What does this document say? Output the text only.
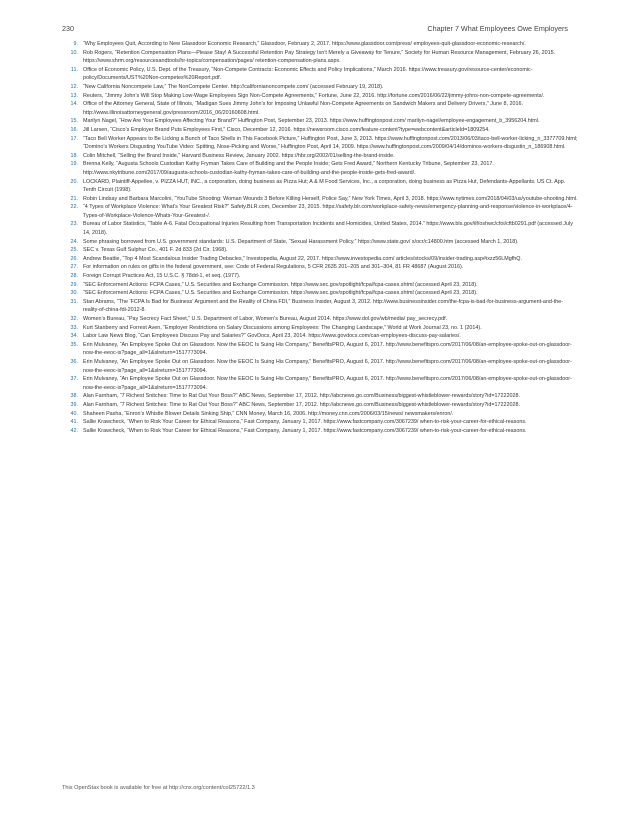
230	Chapter 7 What Employees Owe Employers
9. “Why Employees Quit, According to New Glassdoor Economic Research,” Glassdoor, February 2, 2017. https://www.glassdoor.com/press/ employees-quit-glassdoor-economic-research/.
10. Rob Rogers, “Retention Compensation Plans—Please Stay! A Successful Retention Pay Strategy Isn’t Merely a Giveaway for Tenure,” Society for Human Resource Management, February 26, 2015. https://www.shrm.org/resourcesandtools/hr-topics/compensation/pages/ retention-compensation-plans.aspx.
11. Office of Economic Policy, U.S. Dept. of the Treasury, “Non-Compete Contracts: Economic Effects and Policy Implications,” March 2016. https://www.treasury.gov/resource-center/economic-policy/Documents/UST%20Non-competes%20Report.pdf.
12. “New California Noncompete Law,” The NonCompete Center. http://californianoncompete.com/ (accessed February 19, 2018).
13. Reuters, “Jimmy John’s Will Stop Making Low-Wage Employees Sign Non-Compete Agreements,” Fortune, June 22, 2016. http://fortune.com/2016/06/22/jimmy-johns-non-compete-agreements/.
14. Office of the Attorney General, State of Illinois, “Madigan Sues Jimmy John’s for Imposing Unlawful Non-Compete Agreements on Sandwich Makers and Delivery Drivers,” June 8, 2016. http://www.illinoisattorneygeneral.gov/pressroom/2016_06/20160608.html.
15. Marilyn Nagel, “How Are Your Employees Affecting Your Brand?” Huffington Post, September 23, 2013. https://www.huffingtonpost.com/ marilyn-nagel/employee-engagement_b_3956204.html.
16. Jill Larsen, “Cisco’s Employer Brand Puts Employees First,” Cisco, December 12, 2016. https://newsroom.cisco.com/feature-content?type=webcontent&articleId=1809254.
17. “Taco Bell Worker Appears to Be Licking a Bunch of Taco Shells in This Facebook Picture,” Huffington Post, June 3, 2013. https://www.huffingtonpost.com/2013/06/03/taco-bell-worker-licking_n_3377709.html; “Domino’s Workers Disgusting YouTube Video: Spitting, Nose-Picking and Worse,” Huffington Post, April 14, 2009. https://www.huffingtonpost.com/2009/04/14/dominos-workers-disgustin_n_186908.html.
18. Colin Mitchell, “Selling the Brand Inside,” Harvard Business Review, January 2002. https://hbr.org/2002/01/selling-the-brand-inside.
19. Brenna Kelly, “Augusta Schools Custodian Kathy Fryman Takes Care of Building and the People Inside; Gets Fred Award,” Northern Kentucky Tribune, September 23, 2017. http://www.nkytribune.com/2017/09/augusta-schools-custodian-kathy-fryman-takes-care-of-building-and-the-people-inside-gets-fred-award/.
20. LOCKARD, Plaintiff-Appellee, v. PIZZA HUT, INC., a corporation, doing business as Pizza Hut; A & M Food Services, Inc., a corporation, doing business as Pizza Hut, Defendants-Appellants. US Ct. App. Tenth Circuit (1998).
21. Robin Lindsay and Barbara Marcolini, “YouTube Shooting: Woman Wounds 3 Before Killing Herself, Police Say,” New York Times, April 3, 2018. https://www.nytimes.com/2018/04/03/us/youtube-shooting.html.
22. “4 Types of Workplace Violence: What’s Your Greatest Risk?” Safety.BLR.com, December 23, 2015. https://safety.blr.com/workplace-safety-news/emergency-planning-and-response/violence-in-workplace/4-Types-of-Workplace-Violence-Whats-Your-Greatest-/.
23. Bureau of Labor Statistics, “Table A-6. Fatal Occupational Injuries Resulting from Transportation Incidents and Homicides, United States, 2014.” https://www.bls.gov/iif/oshwc/cfoi/cftb0291.pdf (accessed July 14, 2018).
24. Some phrasing borrowed from U.S. government standards: U.S. Department of State, “Sexual Harassment Policy.” https://www.state.gov/ s/ocr/c14800.htm (accessed March 1, 2018).
25. SEC v. Texas Gulf Sulphur Co., 401 F. 2d 833 (2d Cir. 1968).
26. Andrew Beattie, “Top 4 Most Scandalous Insider Trading Debacles,” Investopedia, August 22, 2017. https://www.investopedia.com/ articles/stocks/09/insider-trading.asp#ixzz56LMgfhQ.
27. For information on rules on gifts in the federal government, see: Code of Federal Regulations, 5 CFR 2635 201–205 and 301–304, 81 FR 48687 (August 2016).
28. Foreign Corrupt Practices Act, 15 U.S.C. § 78dd-1, et seq. (1977).
29. “SEC Enforcement Actions: FCPA Cases,” U.S. Securities and Exchange Commission. https://www.sec.gov/spotlight/fcpa/fcpa-cases.shtml (accessed April 23, 2018).
30. “SEC Enforcement Actions: FCPA Cases,” U.S. Securities and Exchange Commission. https://www.sec.gov/spotlight/fcpa/fcpa-cases.shtml (accessed April 23, 2018).
31. Stan Abrams, “The ‘FCPA Is Bad for Business’ Argument and the Reality of China FDI,” Business Insider, August 3, 2012. http://www.businessinsider.com/the-fcpa-is-bad-for-business-argument-and-the-reality-of-china-fdi-2012-8.
32. Women’s Bureau, “Pay Secrecy Fact Sheet,” U.S. Department of Labor, Women’s Bureau, August 2014. https://www.dol.gov/wb/media/ pay_secrecy.pdf.
33. Kurt Stanberry and Forrest Aven, “Employer Restrictions on Salary Discussions among Employees: The Changing Landscape,” World at Work Journal 23, no. 1 (2014).
34. Labor Law News Blog, “Can Employees Discuss Pay and Salaries?” GovDocs, April 23, 2014. https://www.govdocs.com/can-employees-discuss-pay-salaries/.
35. Erin Mulvaney, “An Employee Spoke Out on Glassdoor. Now the EEOC Is Suing His Company,” BenefitsPRO, August 6, 2017. http://www.benefitspro.com/2017/06/08/an-employee-spoke-out-on-glassdoor-now-the-eeoc-is?page_all=1&slreturn=1517773094.
36. Erin Mulvaney, “An Employee Spoke Out on Glassdoor. Now the EEOC Is Suing His Company,” BenefitsPRO, August 6, 2017. http://www.benefitspro.com/2017/06/08/an-employee-spoke-out-on-glassdoor-now-the-eeoc-is?page_all=1&slreturn=1517773094.
37. Erin Mulvaney, “An Employee Spoke Out on Glassdoor. Now the EEOC Is Suing His Company,” BenefitsPRO, August 6, 2017. http://www.benefitspro.com/2017/06/08/an-employee-spoke-out-on-glassdoor-now-the-eeoc-is?page_all=1&slreturn=1517773094.
38. Alan Farnham, “7 Richest Snitches: Time to Rat Out Your Boss?” ABC News, September 17, 2012. http://abcnews.go.com/Business/biggest-whistleblower-rewards/story?id=17222028.
39. Alan Farnham, “7 Richest Snitches: Time to Rat Out Your Boss?” ABC News, September 17, 2012. http://abcnews.go.com/Business/biggest-whistleblower-rewards/story?id=17222028.
40. Shaheen Pasha, “Enron’s Whistle Blower Details Sinking Ship,” CNN Money, March 16, 2006. http://money.cnn.com/2006/03/15/news/ newsmakers/enron/.
41. Sallie Krawcheck, “When to Risk Your Career for Ethical Reasons,” Fast Company, January 1, 2017. https://www.fastcompany.com/3067239/ when-to-risk-your-career-for-ethical-reasons.
42. Sallie Krawcheck, “When to Risk Your Career for Ethical Reasons,” Fast Company, January 1, 2017. https://www.fastcompany.com/3067239/ when-to-risk-your-career-for-ethical-reasons.
This OpenStax book is available for free at http://cnx.org/content/col25722/1.3
